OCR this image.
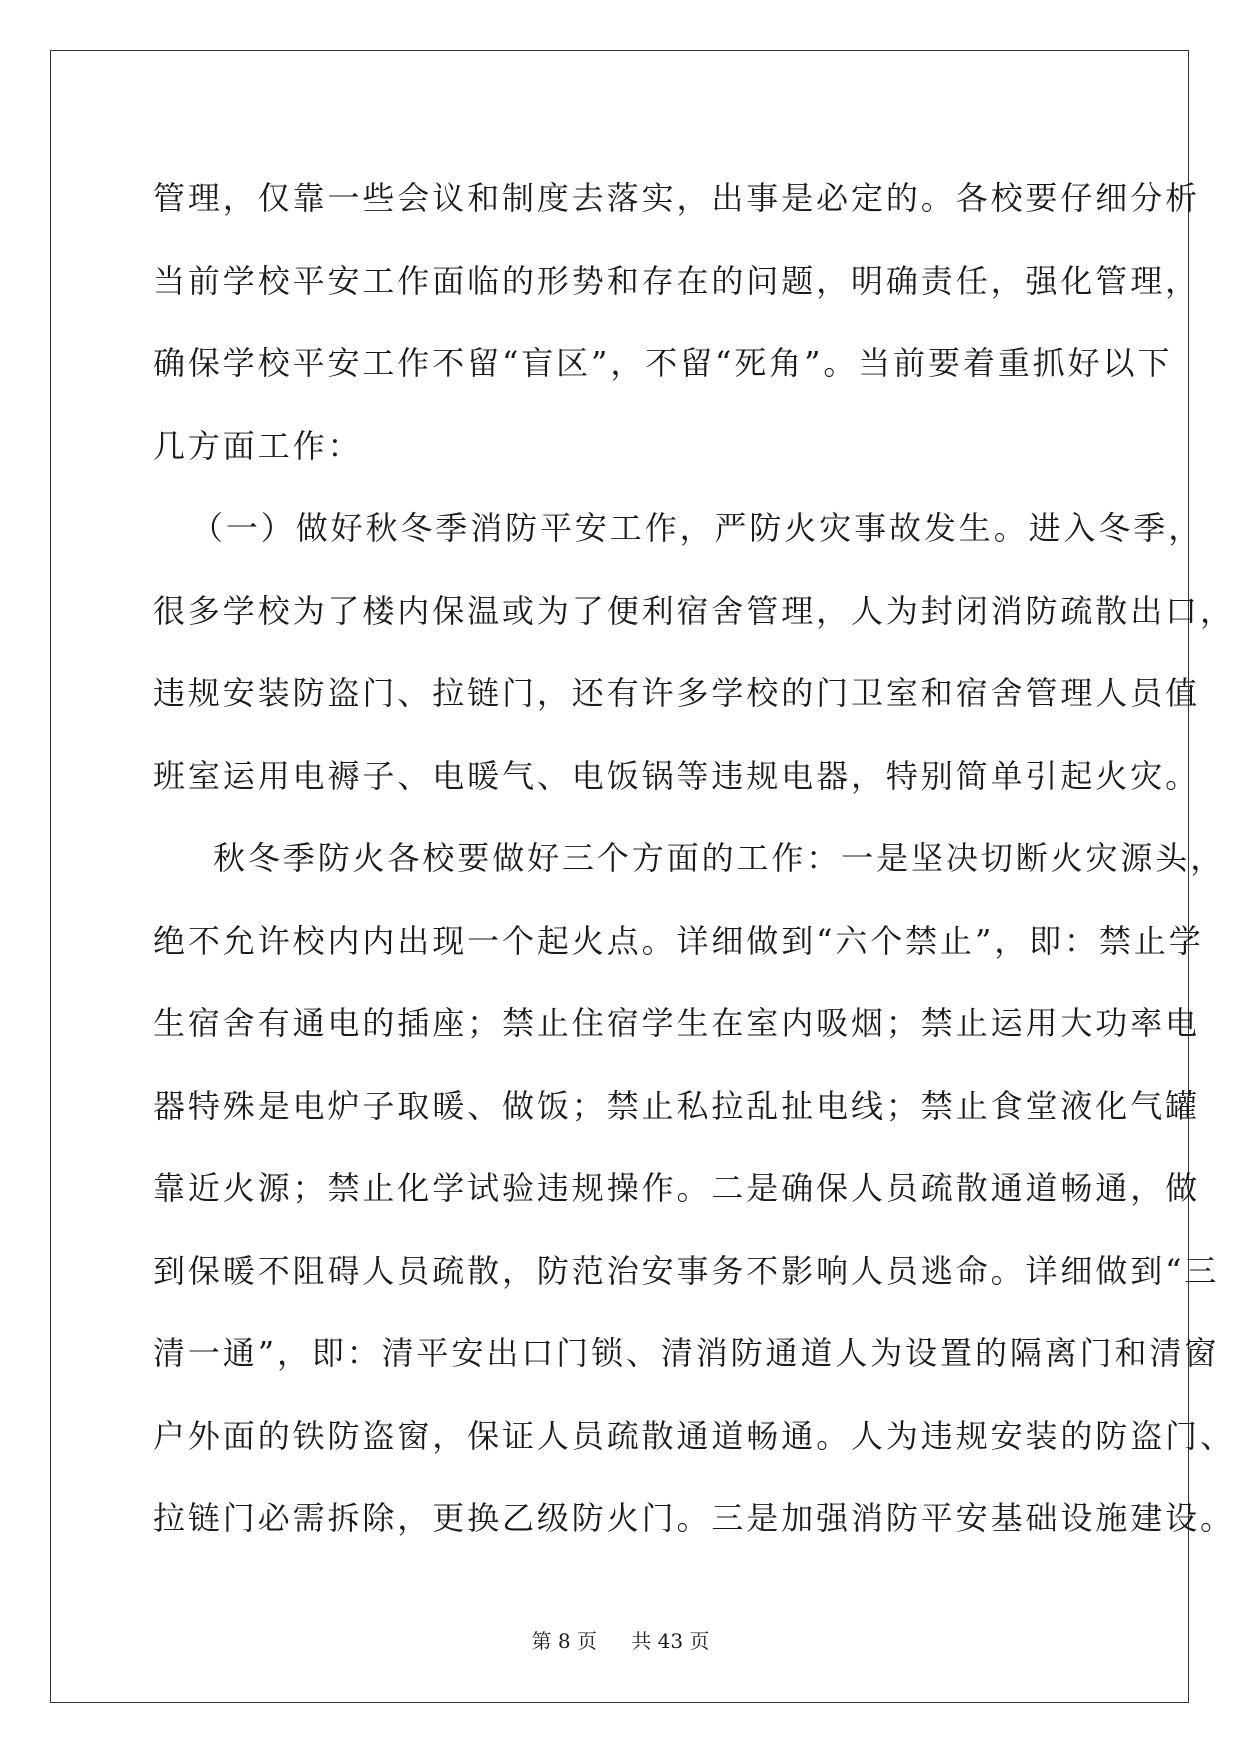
管理，仅靠一些会议和制度去落实，出事是必定的。各校要仔细分析
当前学校平安工作面临的形势和存在的问题，明确责任，强化管理，
确保学校平安工作不留“盲区”，不留“死角”。当前要着重抓好以下
几方面工作：
（一）做好秋冬季消防平安工作，严防火灾事故发生。进入冬季，
很多学校为了楼内保温或为了便利宿舍管理，人为封闭消防疏散出口，
违规安装防盗门、拉链门，还有许多学校的门卫室和宿舍管理人员值
班室运用电褥子、电暖气、电饭锅等违规电器，特别简单引起火灾。
秋冬季防火各校要做好三个方面的工作：一是坚决切断火灾源头，
绝不允许校内内出现一个起火点。详细做到“六个禁止”，即：禁止学
生宿舍有通电的插座；禁止住宿学生在室内吸烟；禁止运用大功率电
器特殊是电炉子取暖、做饭；禁止私拉乱扯电线；禁止食堂液化气罐
靠近火源；禁止化学试验违规操作。二是确保人员疏散通道畅通，做
到保暖不阻碍人员疏散，防范治安事务不影响人员逃命。详细做到“三
清一通”，即：清平安出口门锁、清消防通道人为设置的隔离门和清窗
户外面的铁防盗窗，保证人员疏散通道畅通。人为违规安装的防盗门、
拉链门必需拆除，更换乙级防火门。三是加强消防平安基础设施建设。
第 8 页 共 43 页
